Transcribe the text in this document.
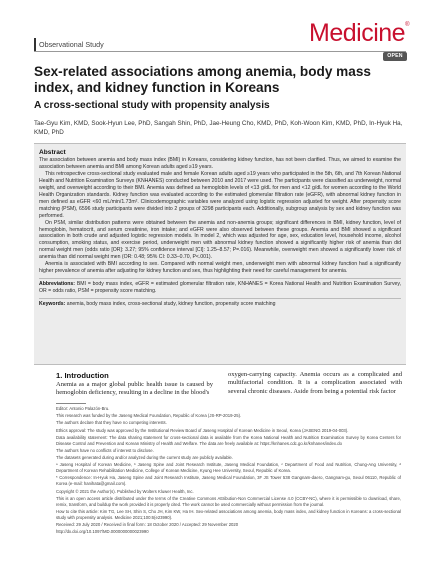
Observational Study	Medicine®
OPEN
Sex-related associations among anemia, body mass index, and kidney function in Koreans
A cross-sectional study with propensity analysis
Tae-Gyu Kim, KMD, Sook-Hyun Lee, PhD, Sangah Shin, PhD, Jae-Heung Cho, KMD, PhD, Koh-Woon Kim, KMD, PhD, In-Hyuk Ha, KMD, PhD
Abstract

The association between anemia and body mass index (BMI) in Koreans, considering kidney function, has not been clarified. Thus, we aimed to examine the association between anemia and BMI among Korean adults aged ≥19 years.

This retrospective cross-sectional study evaluated male and female Korean adults aged ≥19 years who participated in the 5th, 6th, and 7th Korean National Health and Nutrition Examination Surveys (KNHANES) conducted between 2010 and 2017 were used. The participants were classified as underweight, normal weight, and overweight according to their BMI. Anemia was defined as hemoglobin levels of <13 g/dL for men and <12 g/dL for women according to the World Health Organization standards. Kidney function was evaluated according to the estimated glomerular filtration rate (eGFR), with abnormal kidney function in men defined as eGFR <60 mL/min/1.73m². Clinicodemographic variables were analyzed using logistic regression adjusted for weight. After propensity score matching (PSM), 6596 study participants were divided into 2 groups of 3298 participants each. Additionally, subgroup analysis by sex and kidney function was performed.

On PSM, similar distribution patterns were obtained between the anemia and non-anemia groups; significant differences in BMI, kidney function, level of hemoglobin, hematocrit, and serum creatinine, iron intake; and eGFR were also observed between these groups. Anemia and BMI showed a significant association in both crude and adjusted logistic regression models. In model 2, which was adjusted for age, sex, education level, household income, alcohol consumption, smoking status, and exercise period, underweight men with abnormal kidney function showed a significantly higher risk of anemia than did normal weight men (odds ratio [OR]: 3.27; 95% confidence interval [CI]: 1.25–8.57; P=.016). Meanwhile, overweight men showed a significantly lower risk of anemia than did normal weight men (OR: 0.48; 95% CI: 0.33–0.70, P<.001).

Anemia is associated with BMI according to sex. Compared with normal weight men, underweight men with abnormal kidney function had a significantly higher prevalence of anemia after adjusting for kidney function and sex, thus highlighting their need for careful management for anemia.

Abbreviations: BMI = body mass index, eGFR = estimated glomerular filtration rate, KNHANES = Korea National Health and Nutrition Examination Survey, OR = odds ratio, PSM = propensity score matching.

Keywords: anemia, body mass index, cross-sectional study, kidney function, propensity score matching

1. Introduction
Anemia as a major global public health issue is caused by hemoglobin deficiency, resulting in a decline in the blood's
oxygen-carrying capacity. Anemia occurs as a complicated and multifactorial condition. It is a complication associated with several chronic diseases. Aside from being a potential risk factor

Editor: Antonio Palazón-Bru.

This research was funded by the Jaseng Medical Foundation, Republic of Korea (JS-RP-2019-25).

The authors declare that they have no competing interests.

Ethics approval: The study was approved by the Institutional Review Board of Jaseng Hospital of Korean Medicine in Seoul, Korea (JASENG 2019-04-003).

Data availability statement: The data sharing statement for cross-sectional data is available from the Korea National Health and Nutrition Examination Survey by Korea Centers for Disease Control and Prevention and Korean Ministry of Health and Welfare. The data are freely available at: https://knhanes.cdc.go.kr/knhanes/index.do

The authors have no conflicts of interest to disclose.

The datasets generated during and/or analyzed during the current study are publicly available.

ᵃ Jaseng Hospital of Korean Medicine, ᵇ Jaseng Spine and Joint Research Institute, Jaseng Medical Foundation, ᶜ Department of Food and Nutrition, Chung-Ang University, ᵈ Department of Korean Rehabilitation Medicine, College of Korean Medicine, Kyung Hee University, Seoul, Republic of Korea.

* Correspondence: In-Hyuk Ha, Jaseng Spine and Joint Research Institute, Jaseng Medical Foundation, 3F JS Tower 538 Gangnam-daero, Gangnam-gu, Seoul 06110, Republic of Korea (e-mail: hanihata@gmail.com).

Copyright © 2021 the Author(s). Published by Wolters Kluwer Health, Inc.

This is an open access article distributed under the terms of the Creative Commons Attribution-Non Commercial License 4.0 (CCBY-NC), where it is permissible to download, share, remix, transform, and buildup the work provided it is properly cited. The work cannot be used commercially without permission from the journal.

How to cite this article: Kim TG, Lee SH, Shin S, Cho JH, Kim KW, Ha IH. Sex-related associations among anemia, body mass index, and kidney function in Koreans: a cross-sectional study with propensity analysis. Medicine 2021;100:6(e23990).

Received: 29 July 2020 / Received in final form: 18 October 2020 / Accepted: 29 November 2020

http://dx.doi.org/10.1097/MD.0000000000023990
